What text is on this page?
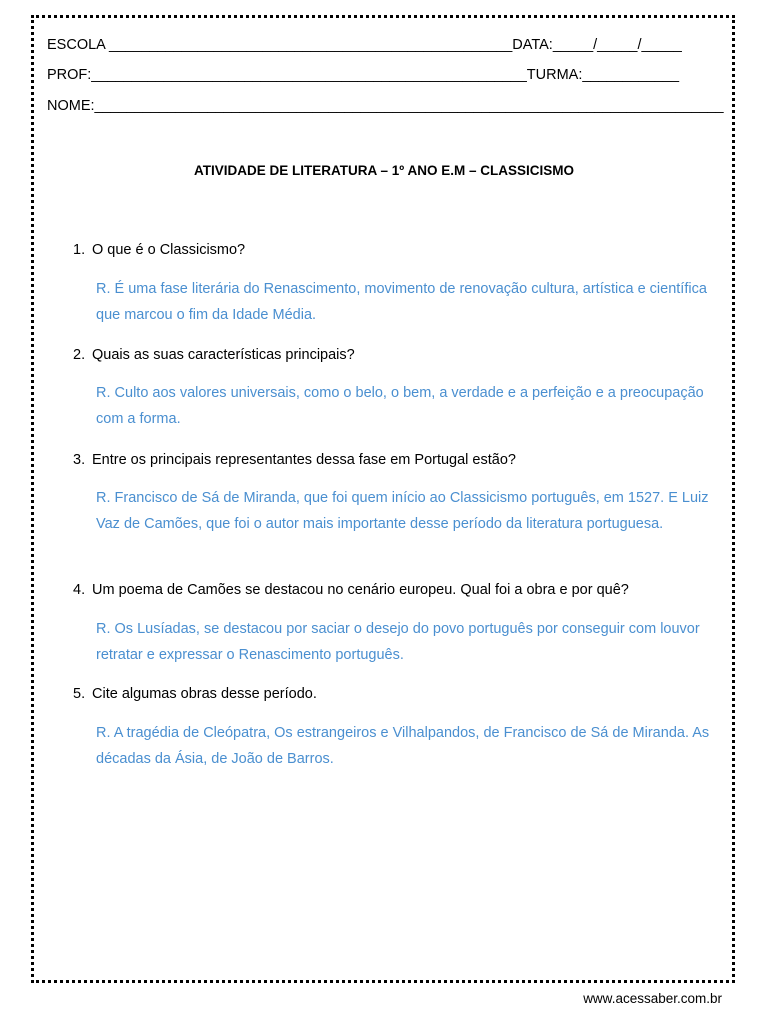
ESCOLA __________________________________________________DATA:_____/_____/_____
PROF:______________________________________________________TURMA:____________
NOME:______________________________________________________________________________
ATIVIDADE DE LITERATURA – 1º ANO E.M – CLASSICISMO
1. O que é o Classicismo?
R. É uma fase literária do Renascimento, movimento de renovação cultura, artística e científica que marcou o fim da Idade Média.
2. Quais as suas características principais?
R. Culto aos valores universais, como o belo, o bem, a verdade e a perfeição e a preocupação com a forma.
3. Entre os principais representantes dessa fase em Portugal estão?
R. Francisco de Sá de Miranda, que foi quem início ao Classicismo português, em 1527. E Luiz Vaz de Camões, que foi o autor mais importante desse período da literatura portuguesa.
4. Um poema de Camões se destacou no cenário europeu. Qual foi a obra e por quê?
R. Os Lusíadas, se destacou por saciar o desejo do povo português por conseguir com louvor retratar e expressar o Renascimento português.
5. Cite algumas obras desse período.
R. A tragédia de Cleópatra, Os estrangeiros e Vilhalpandos, de Francisco de Sá de Miranda. As décadas da Ásia, de João de Barros.
www.acessaber.com.br
